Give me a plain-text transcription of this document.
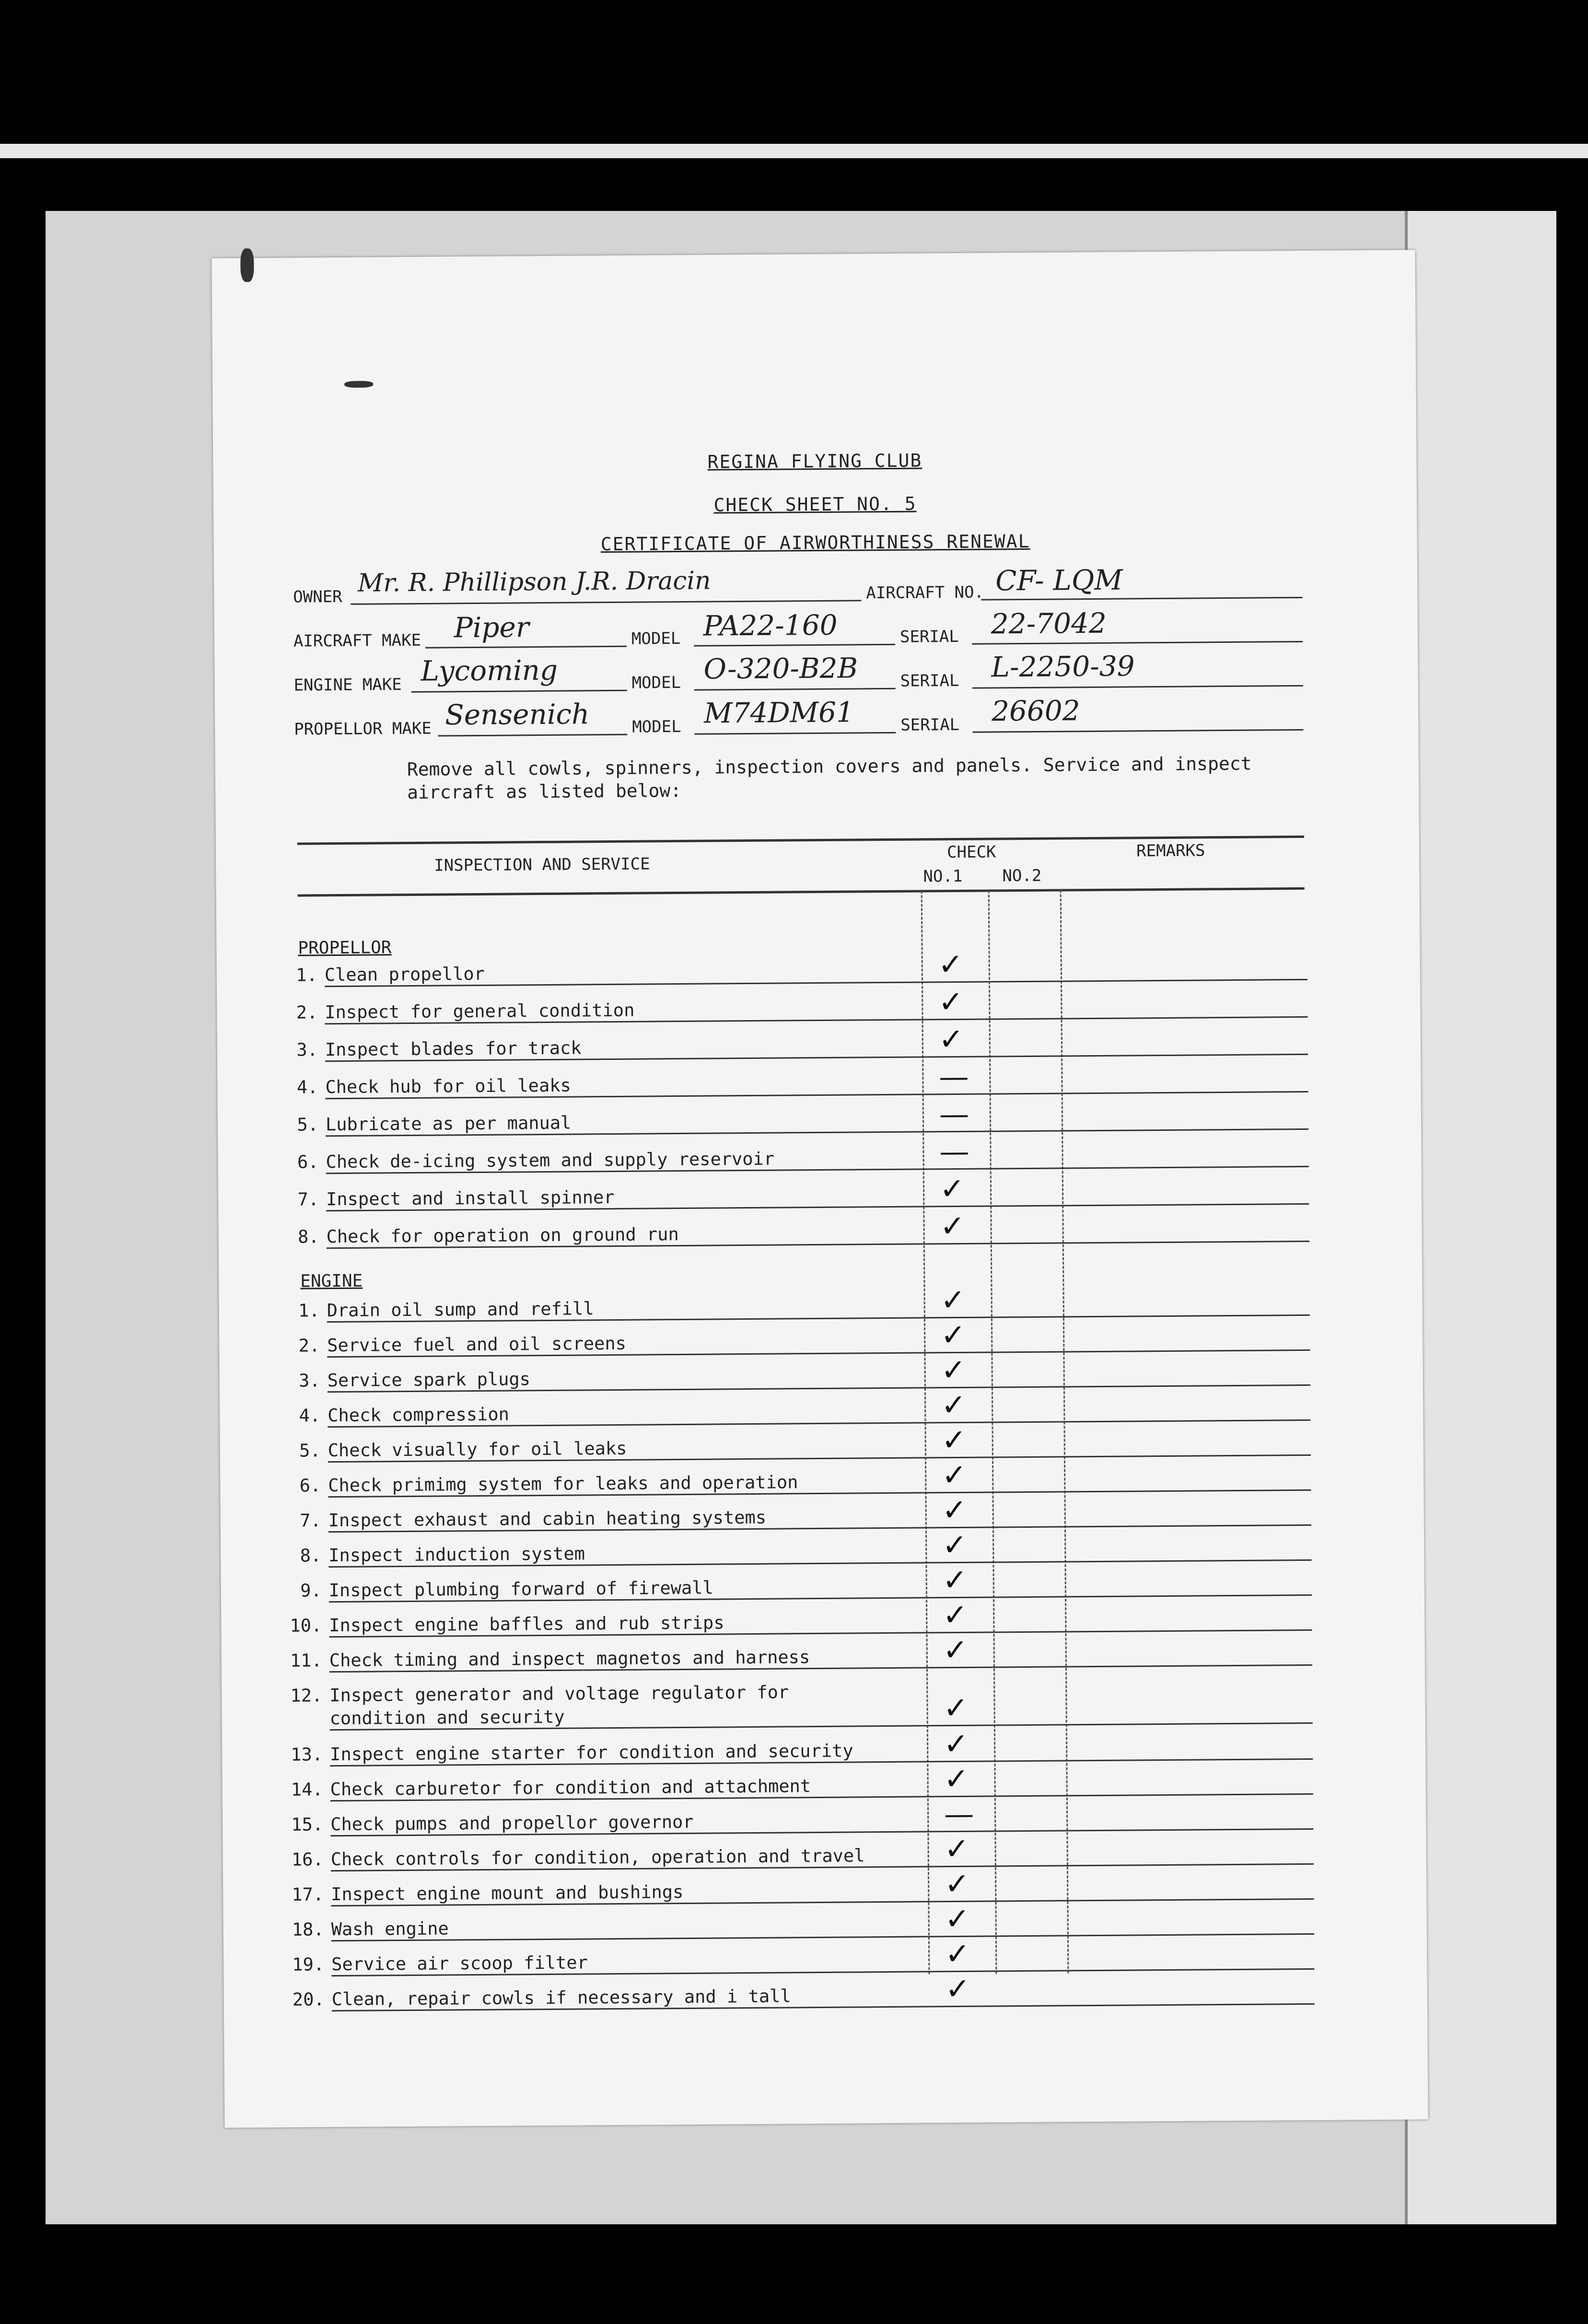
REGINA FLYING CLUB
CHECK SHEET NO. 5
CERTIFICATE OF AIRWORTHINESS RENEWAL
OWNER Mr. R. Phillipson J.R. Dracin	AIRCRAFT NO. CF- LQM
AIRCRAFT MAKE Piper	MODEL PA22-160	SERIAL 22-7042
ENGINE MAKE Lycoming	MODEL O-320-B2B	SERIAL L-2250-39
PROPELLOR MAKE Sensenich	MODEL M74DM61	SERIAL 26602
Remove all cowls, spinners, inspection covers and panels. Service and inspect aircraft as listed below:
INSPECTION AND SERVICE
CHECK
NO.1 NO.2
REMARKS
PROPELLOR
1. Clean propellor	✓
2. Inspect for general condition	✓
3. Inspect blades for track	✓
4. Check hub for oil leaks	—
5. Lubricate as per manual	—
6. Check de-icing system and supply reservoir	—
7. Inspect and install spinner	✓
8. Check for operation on ground run	✓
ENGINE
1. Drain oil sump and refill	✓
2. Service fuel and oil screens	✓
3. Service spark plugs	✓
4. Check compression	✓
5. Check visually for oil leaks	✓
6. Check primimg system for leaks and operation	✓
7. Inspect exhaust and cabin heating systems	✓
8. Inspect induction system	✓
9. Inspect plumbing forward of firewall	✓
10. Inspect engine baffles and rub strips	✓
11. Check timing and inspect magnetos and harness	✓
12. Inspect generator and voltage regulator for
condition and security	✓
13. Inspect engine starter for condition and security	✓
14. Check carburetor for condition and attachment	✓
15. Check pumps and propellor governor	—
16. Check controls for condition, operation and travel	✓
17. Inspect engine mount and bushings	✓
18. Wash engine	✓
19. Service air scoop filter	✓
20. Clean, repair cowls if necessary and i tall	✓
